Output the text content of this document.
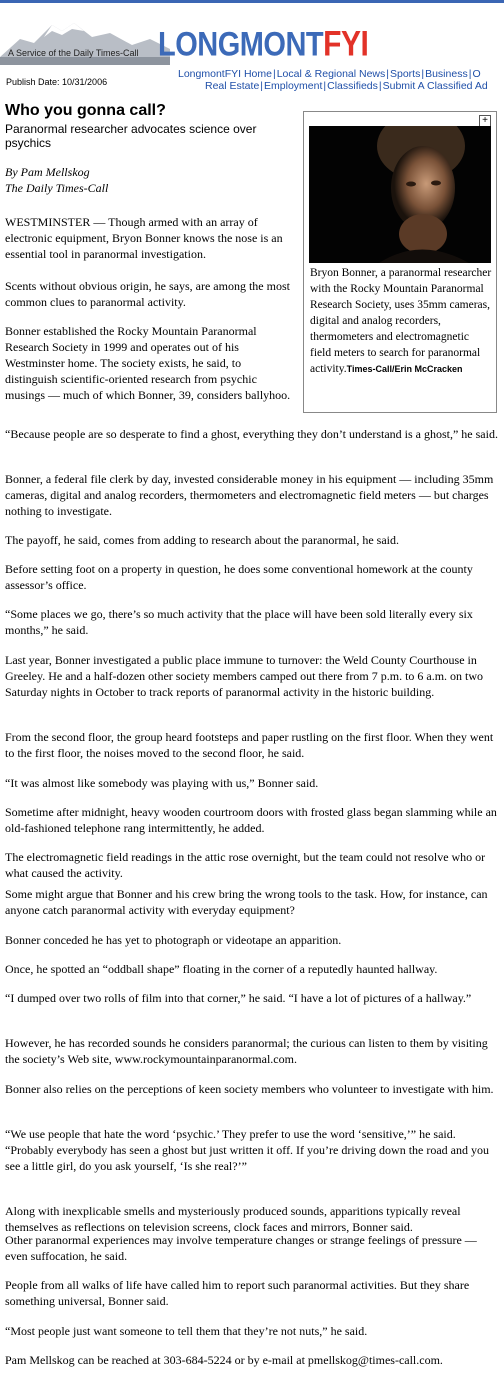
A Service of the Daily Times-Call LONGMONTFYI
Publish Date: 10/31/2006
LongmontFYI Home|Local & Regional News|Sports|Business|O
Real Estate|Employment|Classifieds|Submit A Classified Ad
Who you gonna call?
Paranormal researcher advocates science over psychics
By Pam Mellskog
The Daily Times-Call
+
Bryon Bonner, a paranormal researcher with the Rocky Mountain Paranormal Research Society, uses 35mm cameras, digital and analog recorders, thermometers and electromagnetic field meters to search for paranormal activity.Times-Call/Erin McCracken

WESTMINSTER — Though armed with an array of electronic equipment, Bryon Bonner knows the nose is an essential tool in paranormal investigation.

Scents without obvious origin, he says, are among the most common clues to paranormal activity.

Bonner established the Rocky Mountain Paranormal Research Society in 1999 and operates out of his Westminster home. The society exists, he said, to distinguish scientific-oriented research from psychic musings — much of which Bonner, 39, considers ballyhoo.

“Because people are so desperate to find a ghost, everything they don’t understand is a ghost,” he said.

Bonner, a federal file clerk by day, invested considerable money in his equipment — including 35mm cameras, digital and analog recorders, thermometers and electromagnetic field meters — but charges nothing to investigate.

The payoff, he said, comes from adding to research about the paranormal, he said.

Before setting foot on a property in question, he does some conventional homework at the county assessor’s office.

“Some places we go, there’s so much activity that the place will have been sold literally every six months,” he said.

Last year, Bonner investigated a public place immune to turnover: the Weld County Courthouse in Greeley. He and a half-dozen other society members camped out there from 7 p.m. to 6 a.m. on two Saturday nights in October to track reports of paranormal activity in the historic building.

From the second floor, the group heard footsteps and paper rustling on the first floor. When they went to the first floor, the noises moved to the second floor, he said.

“It was almost like somebody was playing with us,” Bonner said.

Sometime after midnight, heavy wooden courtroom doors with frosted glass began slamming while an old-fashioned telephone rang intermittently, he added.

The electromagnetic field readings in the attic rose overnight, but the team could not resolve who or what caused the activity.

Some might argue that Bonner and his crew bring the wrong tools to the task. How, for instance, can anyone catch paranormal activity with everyday equipment?

Bonner conceded he has yet to photograph or videotape an apparition.

Once, he spotted an “oddball shape” floating in the corner of a reputedly haunted hallway.

“I dumped over two rolls of film into that corner,” he said. “I have a lot of pictures of a hallway.”

However, he has recorded sounds he considers paranormal; the curious can listen to them by visiting the society’s Web site, www.rockymountainparanormal.com.

Bonner also relies on the perceptions of keen society members who volunteer to investigate with him.

“We use people that hate the word ‘psychic.’ They prefer to use the word ‘sensitive,’” he said. “Probably everybody has seen a ghost but just written it off. If you’re driving down the road and you see a little girl, do you ask yourself, ‘Is she real?’”

Along with inexplicable smells and mysteriously produced sounds, apparitions typically reveal themselves as reflections on television screens, clock faces and mirrors, Bonner said.

Other paranormal experiences may involve temperature changes or strange feelings of pressure — even suffocation, he said.

People from all walks of life have called him to report such paranormal activities. But they share something universal, Bonner said.

“Most people just want someone to tell them that they’re not nuts,” he said.

Pam Mellskog can be reached at 303-684-5224 or by e-mail at pmellskog@times-call.com.
